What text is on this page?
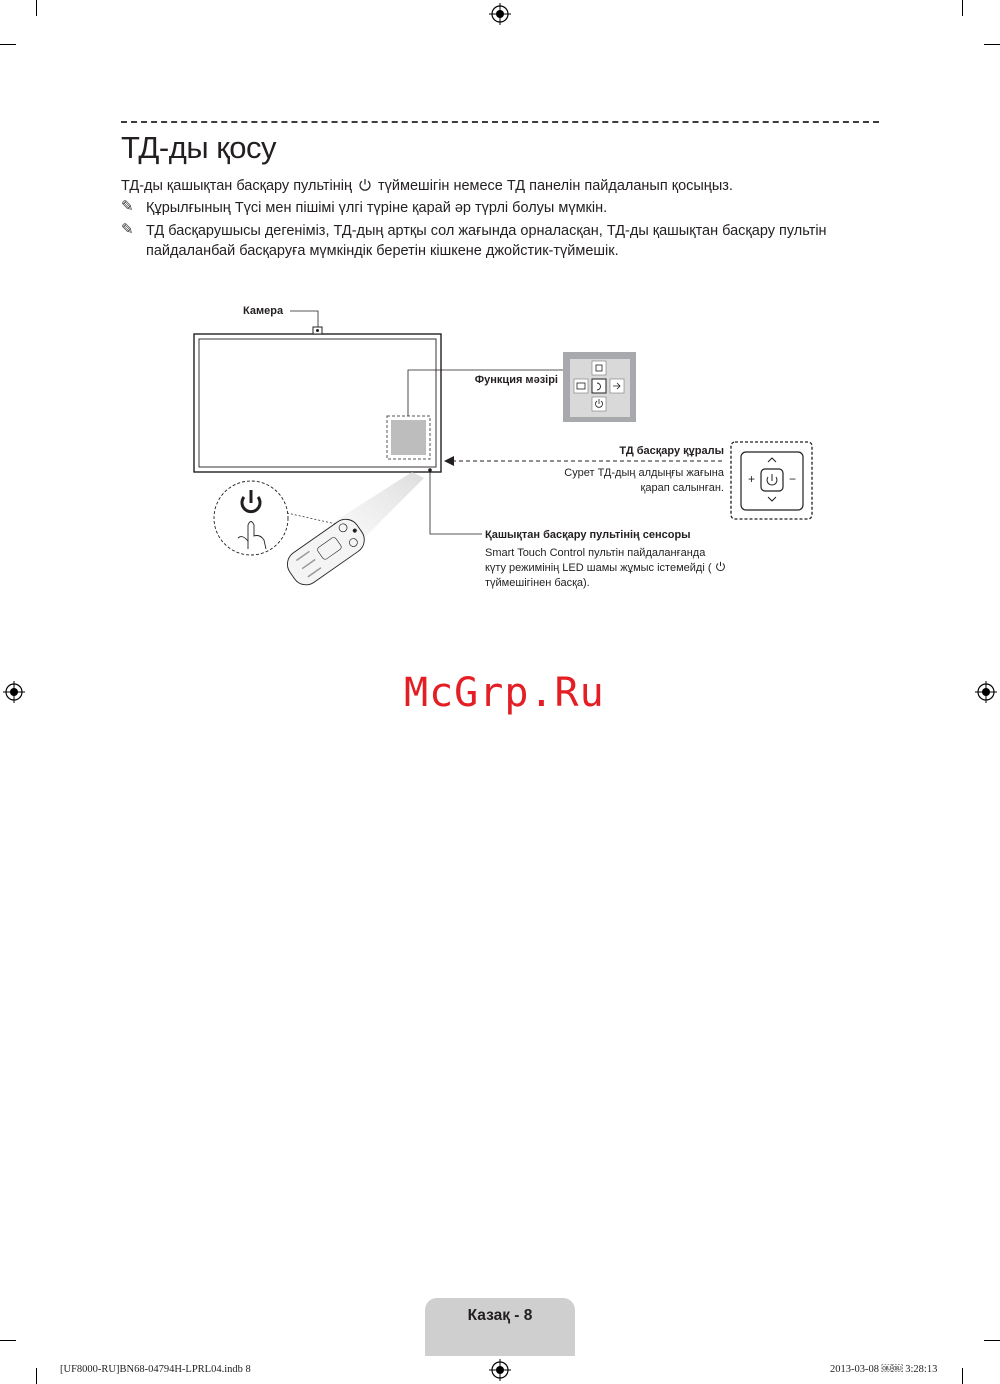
ТД-ды қосу
ТД-ды қашықтан басқару пультінің түймешігін немесе ТД панелін пайдаланып қосыңыз.
✎ Құрылғының Түсі мен пішімі үлгі түріне қарай әр түрлі болуы мүмкін.
✎ ТД басқарушысы дегеніміз, ТД-дың артқы сол жағында орналасқан, ТД-ды қашықтан басқару пультін
пайдаланбай басқаруға мүмкіндік беретін кішкене джойстик-түймешік.
Камера
Функция мәзірі
ТД басқару құралы
Сурет ТД-дың алдыңғы жағына
қарап салынған.
+	−
Қашықтан басқару пультінің сенсоры
Smart Touch Control пультін пайдаланғанда
күту режимінің LED шамы жұмыс істемейді (
түймешігінен басқа).
McGrp.Ru
Казақ - 8
[UF8000-RU]BN68-04794H-LPRL04.indb 8	2013-03-08 ￼￼ 3:28:13
